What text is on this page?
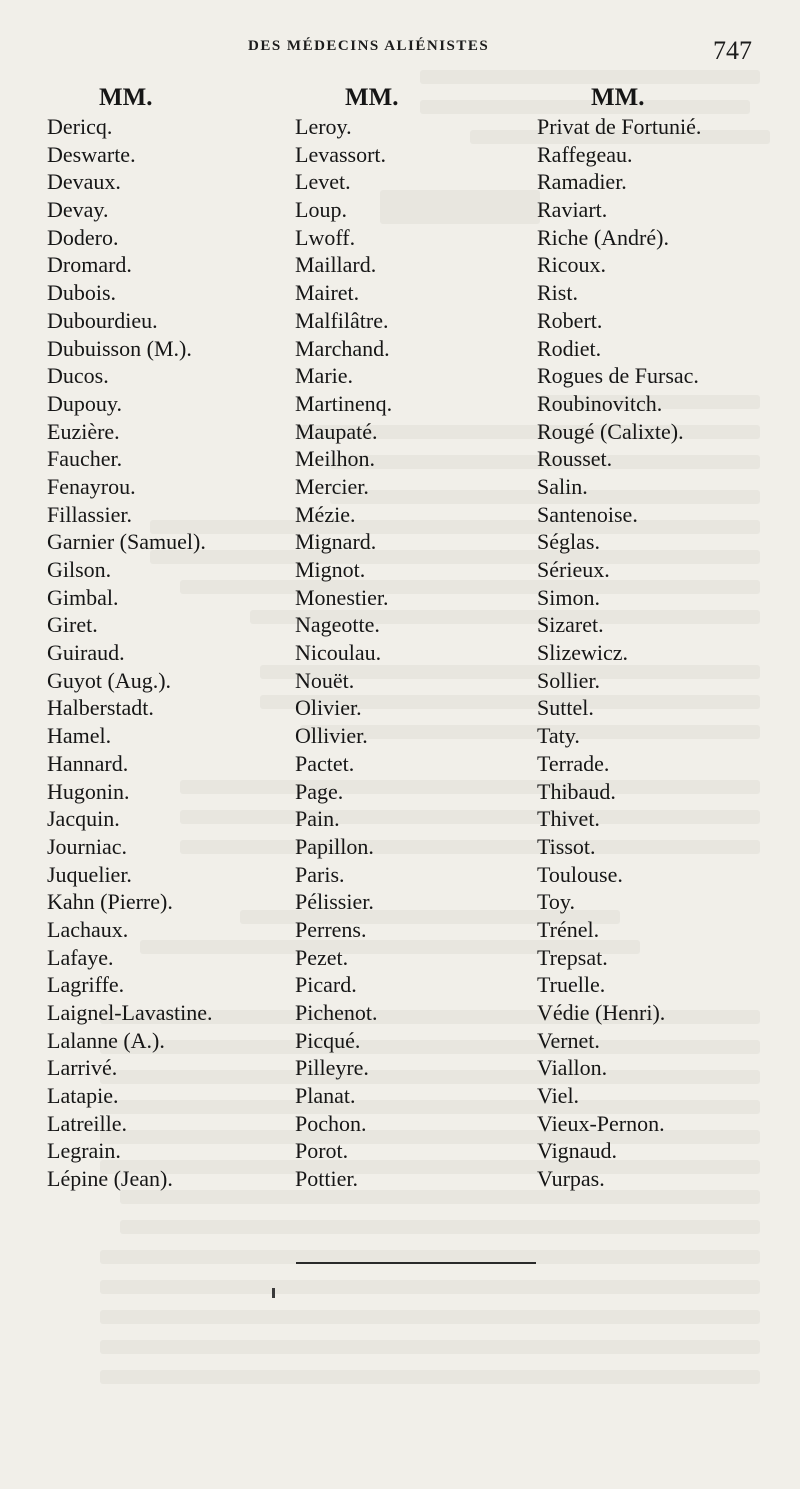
DES MÉDECINS ALIÉNISTES	747
MM.
Dericq.
Deswarte.
Devaux.
Devay.
Dodero.
Dromard.
Dubois.
Dubourdieu.
Dubuisson (M.).
Ducos.
Dupouy.
Euzière.
Faucher.
Fenayrou.
Fillassier.
Garnier (Samuel).
Gilson.
Gimbal.
Giret.
Guiraud.
Guyot (Aug.).
Halberstadt.
Hamel.
Hannard.
Hugonin.
Jacquin.
Journiac.
Juquelier.
Kahn (Pierre).
Lachaux.
Lafaye.
Lagriffe.
Laignel-Lavastine.
Lalanne (A.).
Larrivé.
Latapie.
Latreille.
Legrain.
Lépine (Jean).
MM.
Leroy.
Levassort.
Levet.
Loup.
Lwoff.
Maillard.
Mairet.
Malfilâtre.
Marchand.
Marie.
Martinenq.
Maupaté.
Meilhon.
Mercier.
Mézie.
Mignard.
Mignot.
Monestier.
Nageotte.
Nicoulau.
Nouët.
Olivier.
Ollivier.
Pactet.
Page.
Pain.
Papillon.
Paris.
Pélissier.
Perrens.
Pezet.
Picard.
Pichenot.
Picqué.
Pilleyre.
Planat.
Pochon.
Porot.
Pottier.
MM.
Privat de Fortunié.
Raffegeau.
Ramadier.
Raviart.
Riche (André).
Ricoux.
Rist.
Robert.
Rodiet.
Rogues de Fursac.
Roubinovitch.
Rougé (Calixte).
Rousset.
Salin.
Santenoise.
Séglas.
Sérieux.
Simon.
Sizaret.
Slizewicz.
Sollier.
Suttel.
Taty.
Terrade.
Thibaud.
Thivet.
Tissot.
Toulouse.
Toy.
Trénel.
Trepsat.
Truelle.
Védie (Henri).
Vernet.
Viallon.
Viel.
Vieux-Pernon.
Vignaud.
Vurpas.
